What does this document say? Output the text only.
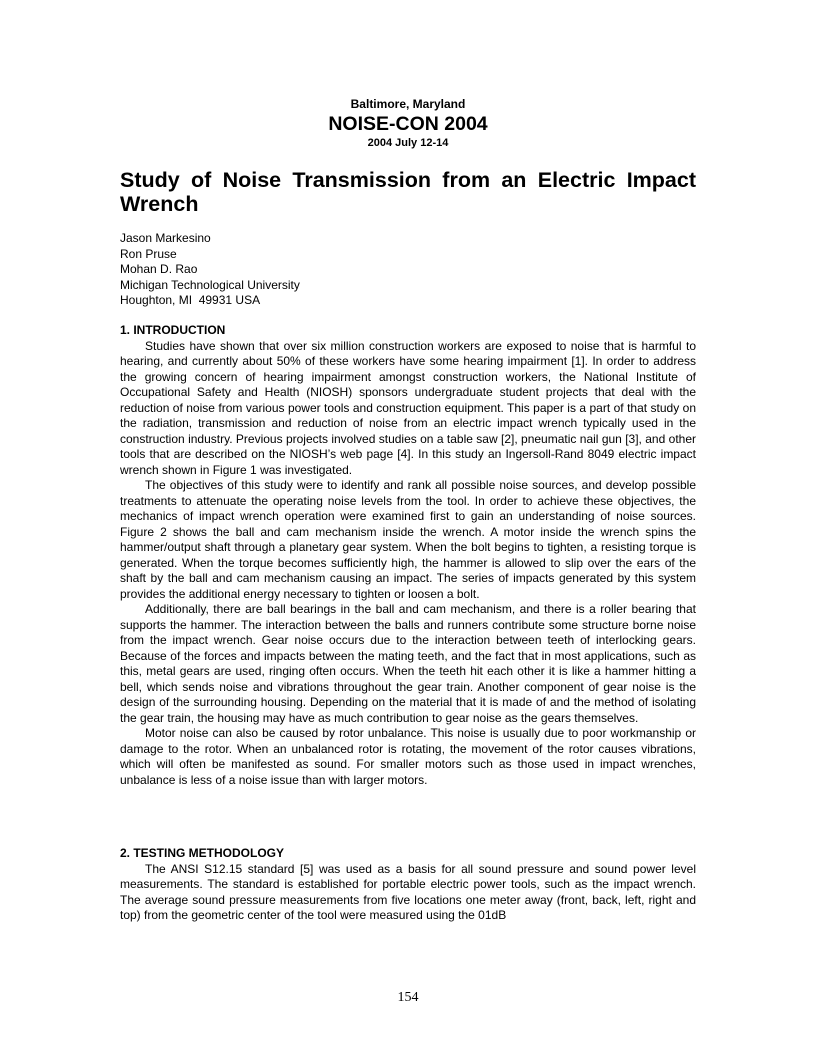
Baltimore, Maryland
NOISE-CON 2004
2004 July 12-14
Study of Noise Transmission from an Electric Impact Wrench
Jason Markesino
Ron Pruse
Mohan D. Rao
Michigan Technological University
Houghton, MI  49931 USA
1. INTRODUCTION

Studies have shown that over six million construction workers are exposed to noise that is harmful to hearing, and currently about 50% of these workers have some hearing impairment [1]. In order to address the growing concern of hearing impairment amongst construction workers, the National Institute of Occupational Safety and Health (NIOSH) sponsors undergraduate student projects that deal with the reduction of noise from various power tools and construction equipment. This paper is a part of that study on the radiation, transmission and reduction of noise from an electric impact wrench typically used in the construction industry. Previous projects involved studies on a table saw [2], pneumatic nail gun [3], and other tools that are described on the NIOSH’s web page [4]. In this study an Ingersoll-Rand 8049 electric impact wrench shown in Figure 1 was investigated.

The objectives of this study were to identify and rank all possible noise sources, and develop possible treatments to attenuate the operating noise levels from the tool. In order to achieve these objectives, the mechanics of impact wrench operation were examined first to gain an understanding of noise sources. Figure 2 shows the ball and cam mechanism inside the wrench. A motor inside the wrench spins the hammer/output shaft through a planetary gear system. When the bolt begins to tighten, a resisting torque is generated. When the torque becomes sufficiently high, the hammer is allowed to slip over the ears of the shaft by the ball and cam mechanism causing an impact. The series of impacts generated by this system provides the additional energy necessary to tighten or loosen a bolt.

Additionally, there are ball bearings in the ball and cam mechanism, and there is a roller bearing that supports the hammer. The interaction between the balls and runners contribute some structure borne noise from the impact wrench. Gear noise occurs due to the interaction between teeth of interlocking gears. Because of the forces and impacts between the mating teeth, and the fact that in most applications, such as this, metal gears are used, ringing often occurs. When the teeth hit each other it is like a hammer hitting a bell, which sends noise and vibrations throughout the gear train. Another component of gear noise is the design of the surrounding housing. Depending on the material that it is made of and the method of isolating the gear train, the housing may have as much contribution to gear noise as the gears themselves.

Motor noise can also be caused by rotor unbalance. This noise is usually due to poor workmanship or damage to the rotor. When an unbalanced rotor is rotating, the movement of the rotor causes vibrations, which will often be manifested as sound. For smaller motors such as those used in impact wrenches, unbalance is less of a noise issue than with larger motors.

2. TESTING METHODOLOGY

The ANSI S12.15 standard [5] was used as a basis for all sound pressure and sound power level measurements. The standard is established for portable electric power tools, such as the impact wrench. The average sound pressure measurements from five locations one meter away (front, back, left, right and top) from the geometric center of the tool were measured using the 01dB

154
